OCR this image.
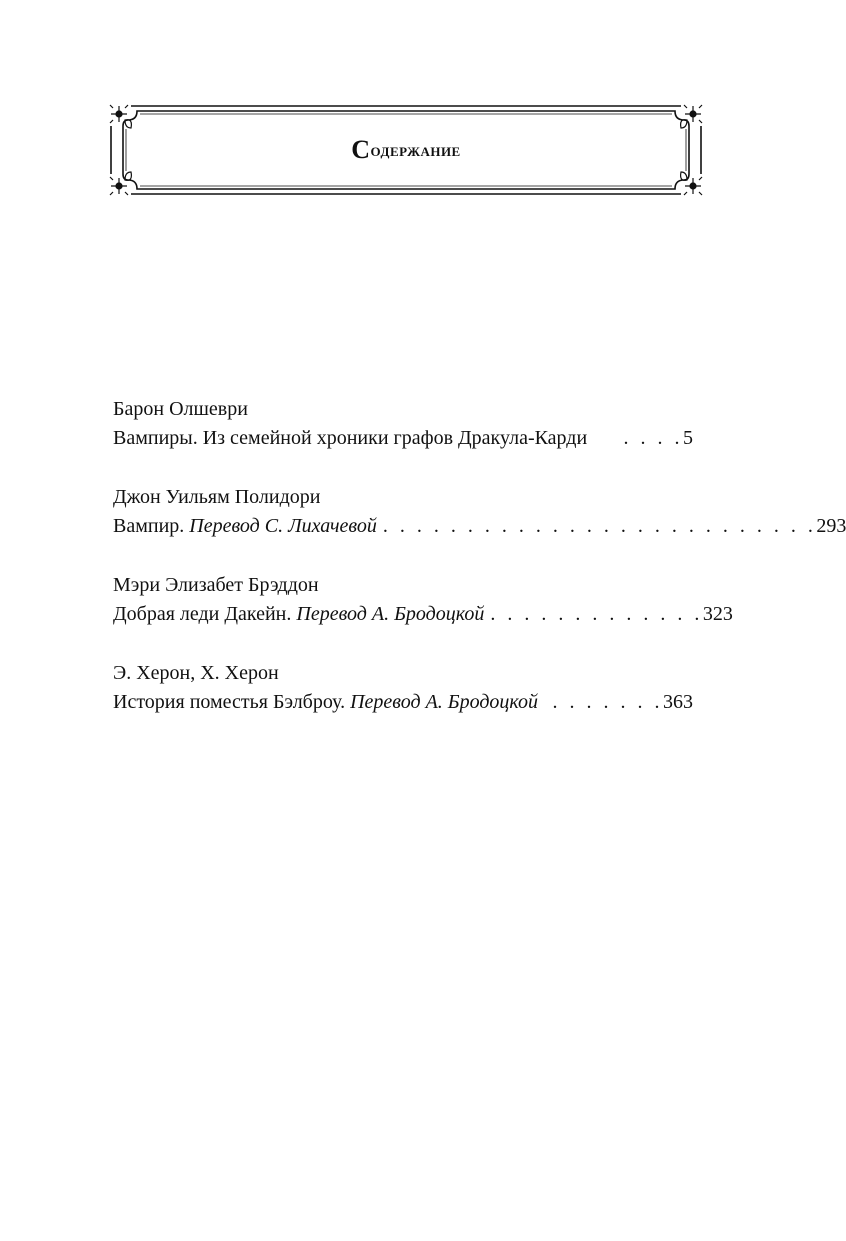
С одержание
Барон Олшеври
Вампиры. Из семейной хроники графов Дракула-Карди	. . . . 5
Джон Уильям Полидори
Вампир. Перевод С. Лихачевой . . . . . . . . . . . . . . . . . . . . . . . . . . 293
Мэри Элизабет Брэддон
Добрая леди Дакейн. Перевод А. Бродоцкой . . . . . . . . . . . . . 323
Э. Херон, Х. Херон
История поместья Бэлброу. Перевод А. Бродоцкой . . . . . . . 363
